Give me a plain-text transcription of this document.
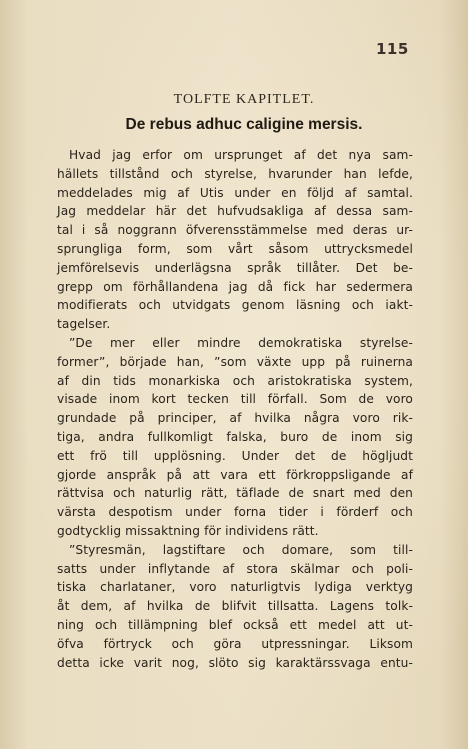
115
TOLFTE KAPITLET.
De rebus adhuc caligine mersis.
Hvad jag erfor om ursprunget af det nya sam-
hällets tillstånd och styrelse, hvarunder han lefde,
meddelades mig af Utis under en följd af samtal.
Jag meddelar här det hufvudsakliga af dessa sam-
tal i så noggrann öfverensstämmelse med deras ur-
sprungliga form, som vårt såsom uttrycksmedel
jemförelsevis underlägsna språk tillåter. Det be-
grepp om förhållandena jag då fick har sedermera
modifierats och utvidgats genom läsning och iakt-
tagelser.
”De mer eller mindre demokratiska styrelse-
former”, började han, ”som växte upp på ruinerna
af din tids monarkiska och aristokratiska system,
visade inom kort tecken till förfall. Som de voro
grundade på principer, af hvilka några voro rik-
tiga, andra fullkomligt falska, buro de inom sig
ett frö till upplösning. Under det de högljudt
gjorde anspråk på att vara ett förkroppsligande af
rättvisa och naturlig rätt, täflade de snart med den
värsta despotism under forna tider i förderf och
godtycklig missaktning för individens rätt.
”Styresmän, lagstiftare och domare, som till-
satts under inflytande af stora skälmar och poli-
tiska charlataner, voro naturligtvis lydiga verktyg
åt dem, af hvilka de blifvit tillsatta. Lagens tolk-
ning och tillämpning blef också ett medel att ut-
öfva förtryck och göra utpressningar. Liksom
detta icke varit nog, slöto sig karaktärssvaga entu-
